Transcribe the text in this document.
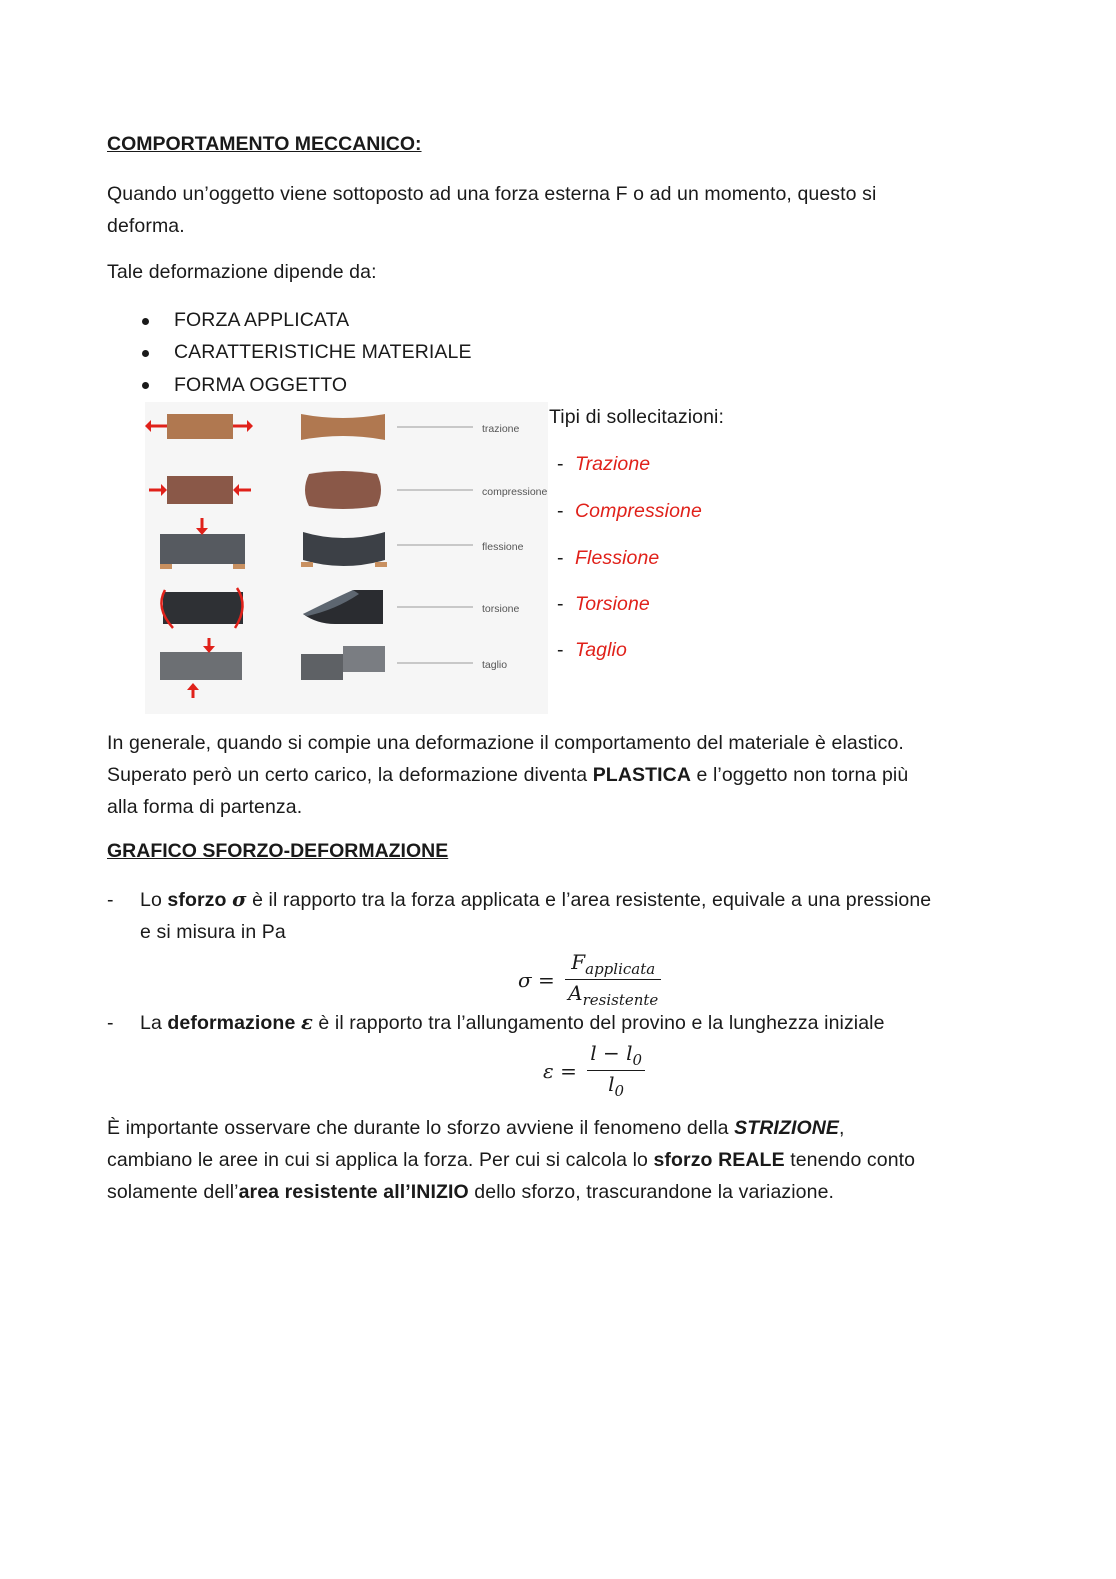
COMPORTAMENTO MECCANICO:
Quando un’oggetto viene sottoposto ad una forza esterna F o ad un momento, questo si
deforma.
Tale deformazione dipende da:
FORZA APPLICATA
CARATTERISTICHE MATERIALE
FORMA OGGETTO
trazione
compressione
flessione
torsione
taglio
Tipi di sollecitazioni:
- Trazione
- Compressione
- Flessione
- Torsione
- Taglio
In generale, quando si compie una deformazione il comportamento del materiale è elastico.
Superato però un certo carico, la deformazione diventa PLASTICA e l’oggetto non torna più
alla forma di partenza.
GRAFICO SFORZO-DEFORMAZIONE
- Lo sforzo σ è il rapporto tra la forza applicata e l’area resistente, equivale a una pressione
e si misura in Pa
$\sigma = \frac{F_{applicata}}{A_{resistente}}$
- La deformazione ε è il rapporto tra l’allungamento del provino e la lunghezza iniziale
$\varepsilon = \frac{l - l_0}{l_0}$
È importante osservare che durante lo sforzo avviene il fenomeno della STRIZIONE,
cambiano le aree in cui si applica la forza. Per cui si calcola lo sforzo REALE tenendo conto
solamente dell’area resistente all’INIZIO dello sforzo, trascurandone la variazione.
